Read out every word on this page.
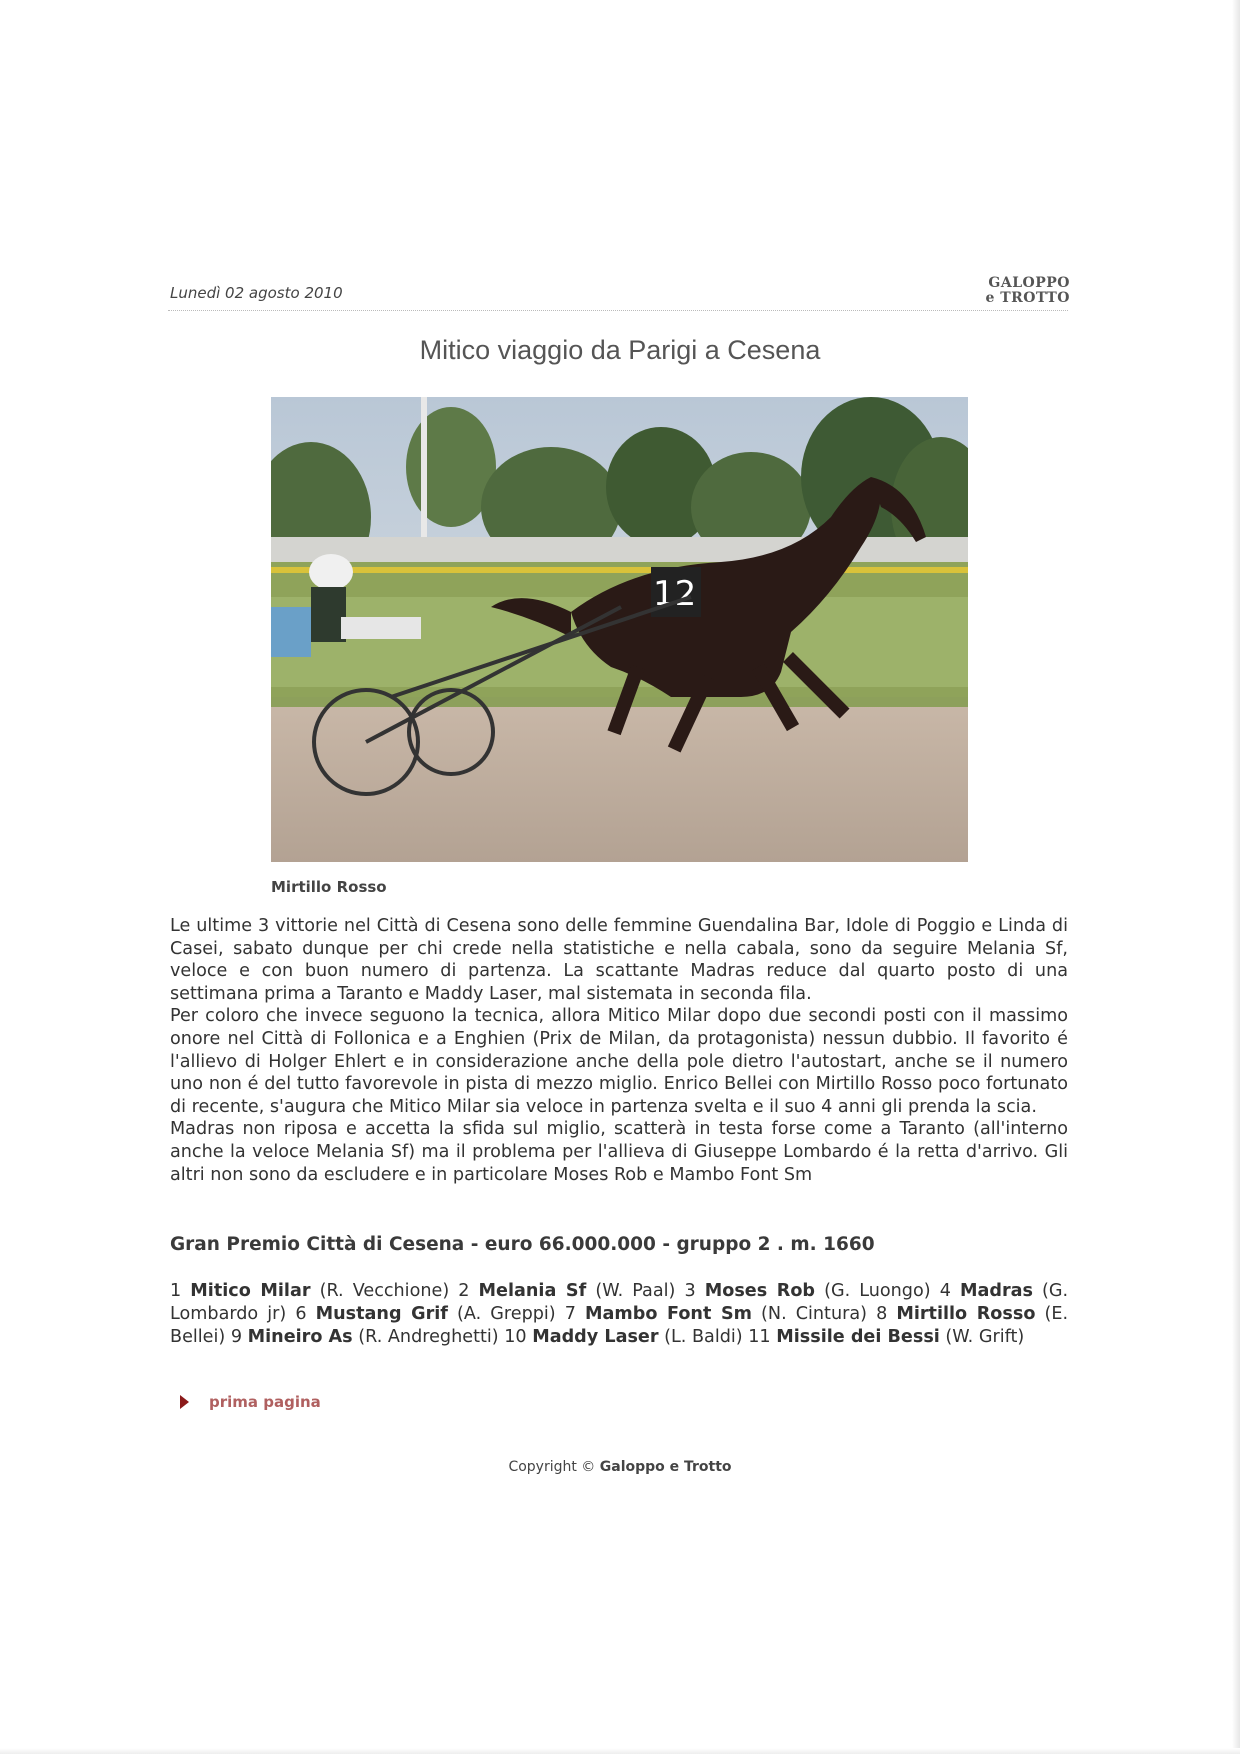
Lunedì 02 agosto 2010
GALOPPO
e TROTTO
Mitico viaggio da Parigi a Cesena
12
Mirtillo Rosso

Le ultime 3 vittorie nel Città di Cesena sono delle femmine Guendalina Bar, Idole di Poggio e Linda di Casei, sabato dunque per chi crede nella statistiche e nella cabala, sono da seguire Melania Sf, veloce e con buon numero di partenza. La scattante Madras reduce dal quarto posto di una settimana prima a Taranto e Maddy Laser, mal sistemata in seconda fila.

Per coloro che invece seguono la tecnica, allora Mitico Milar dopo due secondi posti con il massimo onore nel Città di Follonica e a Enghien (Prix de Milan, da protagonista) nessun dubbio. Il favorito é l'allievo di Holger Ehlert e in considerazione anche della pole dietro l'autostart, anche se il numero uno non é del tutto favorevole in pista di mezzo miglio. Enrico Bellei con Mirtillo Rosso poco fortunato di recente, s'augura che Mitico Milar sia veloce in partenza svelta e il suo 4 anni gli prenda la scia.

Madras non riposa e accetta la sfida sul miglio, scatterà in testa forse come a Taranto (all'interno anche la veloce Melania Sf) ma il problema per l'allieva di Giuseppe Lombardo é la retta d'arrivo. Gli altri non sono da escludere e in particolare Moses Rob e Mambo Font Sm

Gran Premio Città di Cesena - euro 66.000.000 - gruppo 2 . m. 1660
1 Mitico Milar (R. Vecchione) 2 Melania Sf (W. Paal) 3 Moses Rob (G. Luongo) 4 Madras (G. Lombardo jr) 6 Mustang Grif (A. Greppi) 7 Mambo Font Sm (N. Cintura) 8 Mirtillo Rosso (E. Bellei) 9 Mineiro As (R. Andreghetti) 10 Maddy Laser (L. Baldi) 11 Missile dei Bessi (W. Grift)
prima pagina
Copyright © Galoppo e Trotto
